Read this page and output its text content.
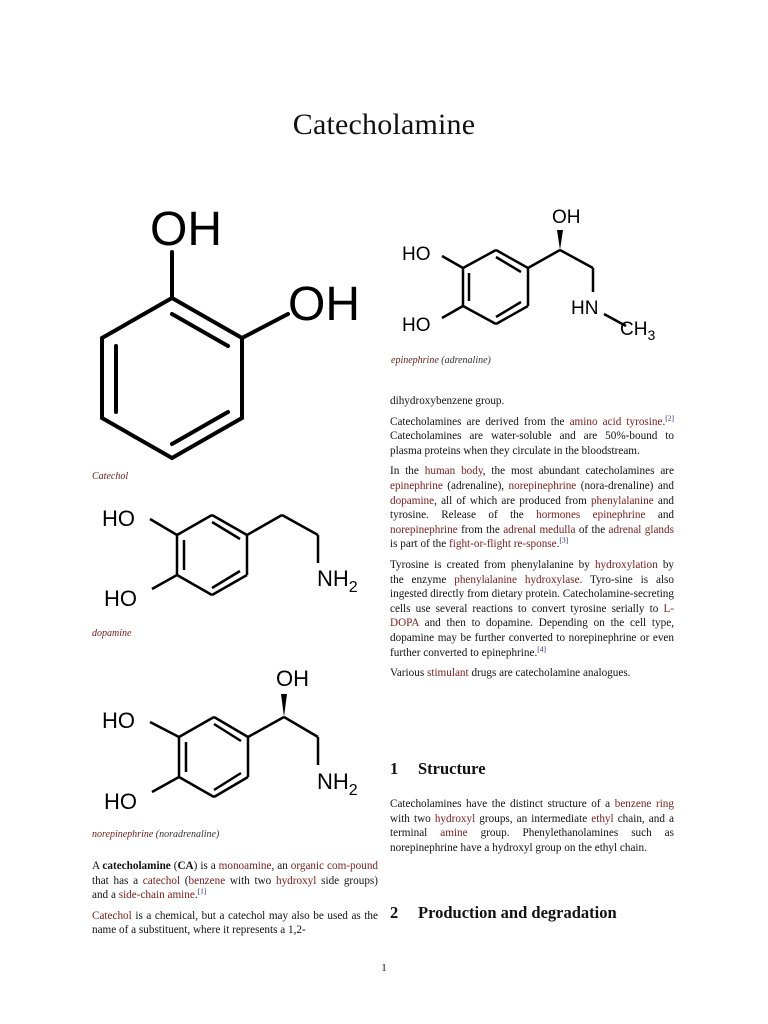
Catecholamine
OH
OH
Catechol
OH
HO
HO
HN
$CH_3$
epinephrine (adrenaline)
HO
HO
$NH_2$
dopamine
OH
HO
HO
$NH_2$
norepinephrine (noradrenaline)

A catecholamine (CA) is a monoamine, an organic com-pound that has a catechol (benzene with two hydroxyl side groups) and a side-chain amine.[1]

Catechol is a chemical, but a catechol may also be used as the name of a substituent, where it represents a 1,2-

dihydroxybenzene group.

Catecholamines are derived from the amino acid tyrosine.[2] Catecholamines are water-soluble and are 50%-bound to plasma proteins when they circulate in the bloodstream.

In the human body, the most abundant catecholamines are epinephrine (adrenaline), norepinephrine (nora-drenaline) and dopamine, all of which are produced from phenylalanine and tyrosine. Release of the hormones epinephrine and norepinephrine from the adrenal medulla of the adrenal glands is part of the fight-or-flight re-sponse.[3]

Tyrosine is created from phenylalanine by hydroxylation by the enzyme phenylalanine hydroxylase. Tyro-sine is also ingested directly from dietary protein. Catecholamine-secreting cells use several reactions to convert tyrosine serially to L-DOPA and then to dopamine. Depending on the cell type, dopamine may be further converted to norepinephrine or even further converted to epinephrine.[4]

Various stimulant drugs are catecholamine analogues.

1 Structure

Catecholamines have the distinct structure of a benzene ring with two hydroxyl groups, an intermediate ethyl chain, and a terminal amine group. Phenylethanolamines such as norepinephrine have a hydroxyl group on the ethyl chain.

2 Production and degradation
1
